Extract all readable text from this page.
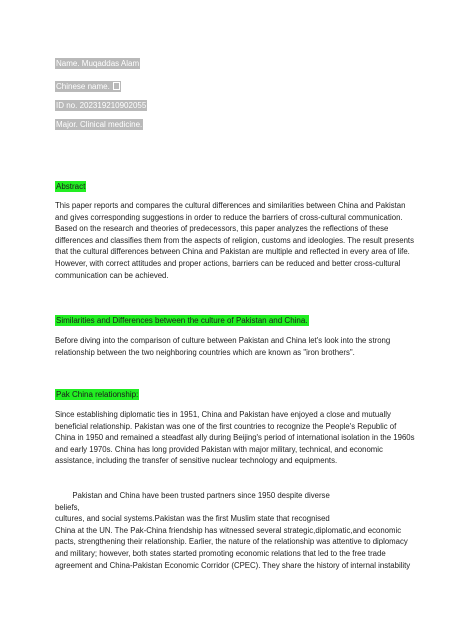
Name. Muqaddas Alam
Chinese name.
ID no. 202319210902055
Major. Clinical medicine.
Abstract

This paper reports and compares the cultural differences and similarities between China and Pakistan

and gives corresponding suggestions in order to reduce the barriers of cross-cultural communication.

Based on the research and theories of predecessors, this paper analyzes the reflections of these

differences and classifies them from the aspects of religion, customs and ideologies. The result presents

that the cultural differences between China and Pakistan are multiple and reflected in every area of life.

However, with correct attitudes and proper actions, barriers can be reduced and better cross-cultural

communication can be achieved.

Similarities and Differences between the culture of Pakistan and China.

Before diving into the comparison of culture between Pakistan and China let's look into the strong

relationship between the two neighboring countries which are known as "iron brothers".

Pak China relationship:

Since establishing diplomatic ties in 1951, China and Pakistan have enjoyed a close and mutually

beneficial relationship. Pakistan was one of the first countries to recognize the People's Republic of

China in 1950 and remained a steadfast ally during Beijing's period of international isolation in the 1960s

and early 1970s. China has long provided Pakistan with major military, technical, and economic

assistance, including the transfer of sensitive nuclear technology and equipments.

Pakistan and China have been trusted partners since 1950 despite diverse

beliefs,

cultures, and social systems.Pakistan was the first Muslim state that recognised

China at the UN. The Pak-China friendship has witnessed several strategic,diplomatic,and economic

pacts, strengthening their relationship. Earlier, the nature of the relationship was attentive to diplomacy

and military; however, both states started promoting economic relations that led to the free trade

agreement and China-Pakistan Economic Corridor (CPEC). They share the history of internal instability
